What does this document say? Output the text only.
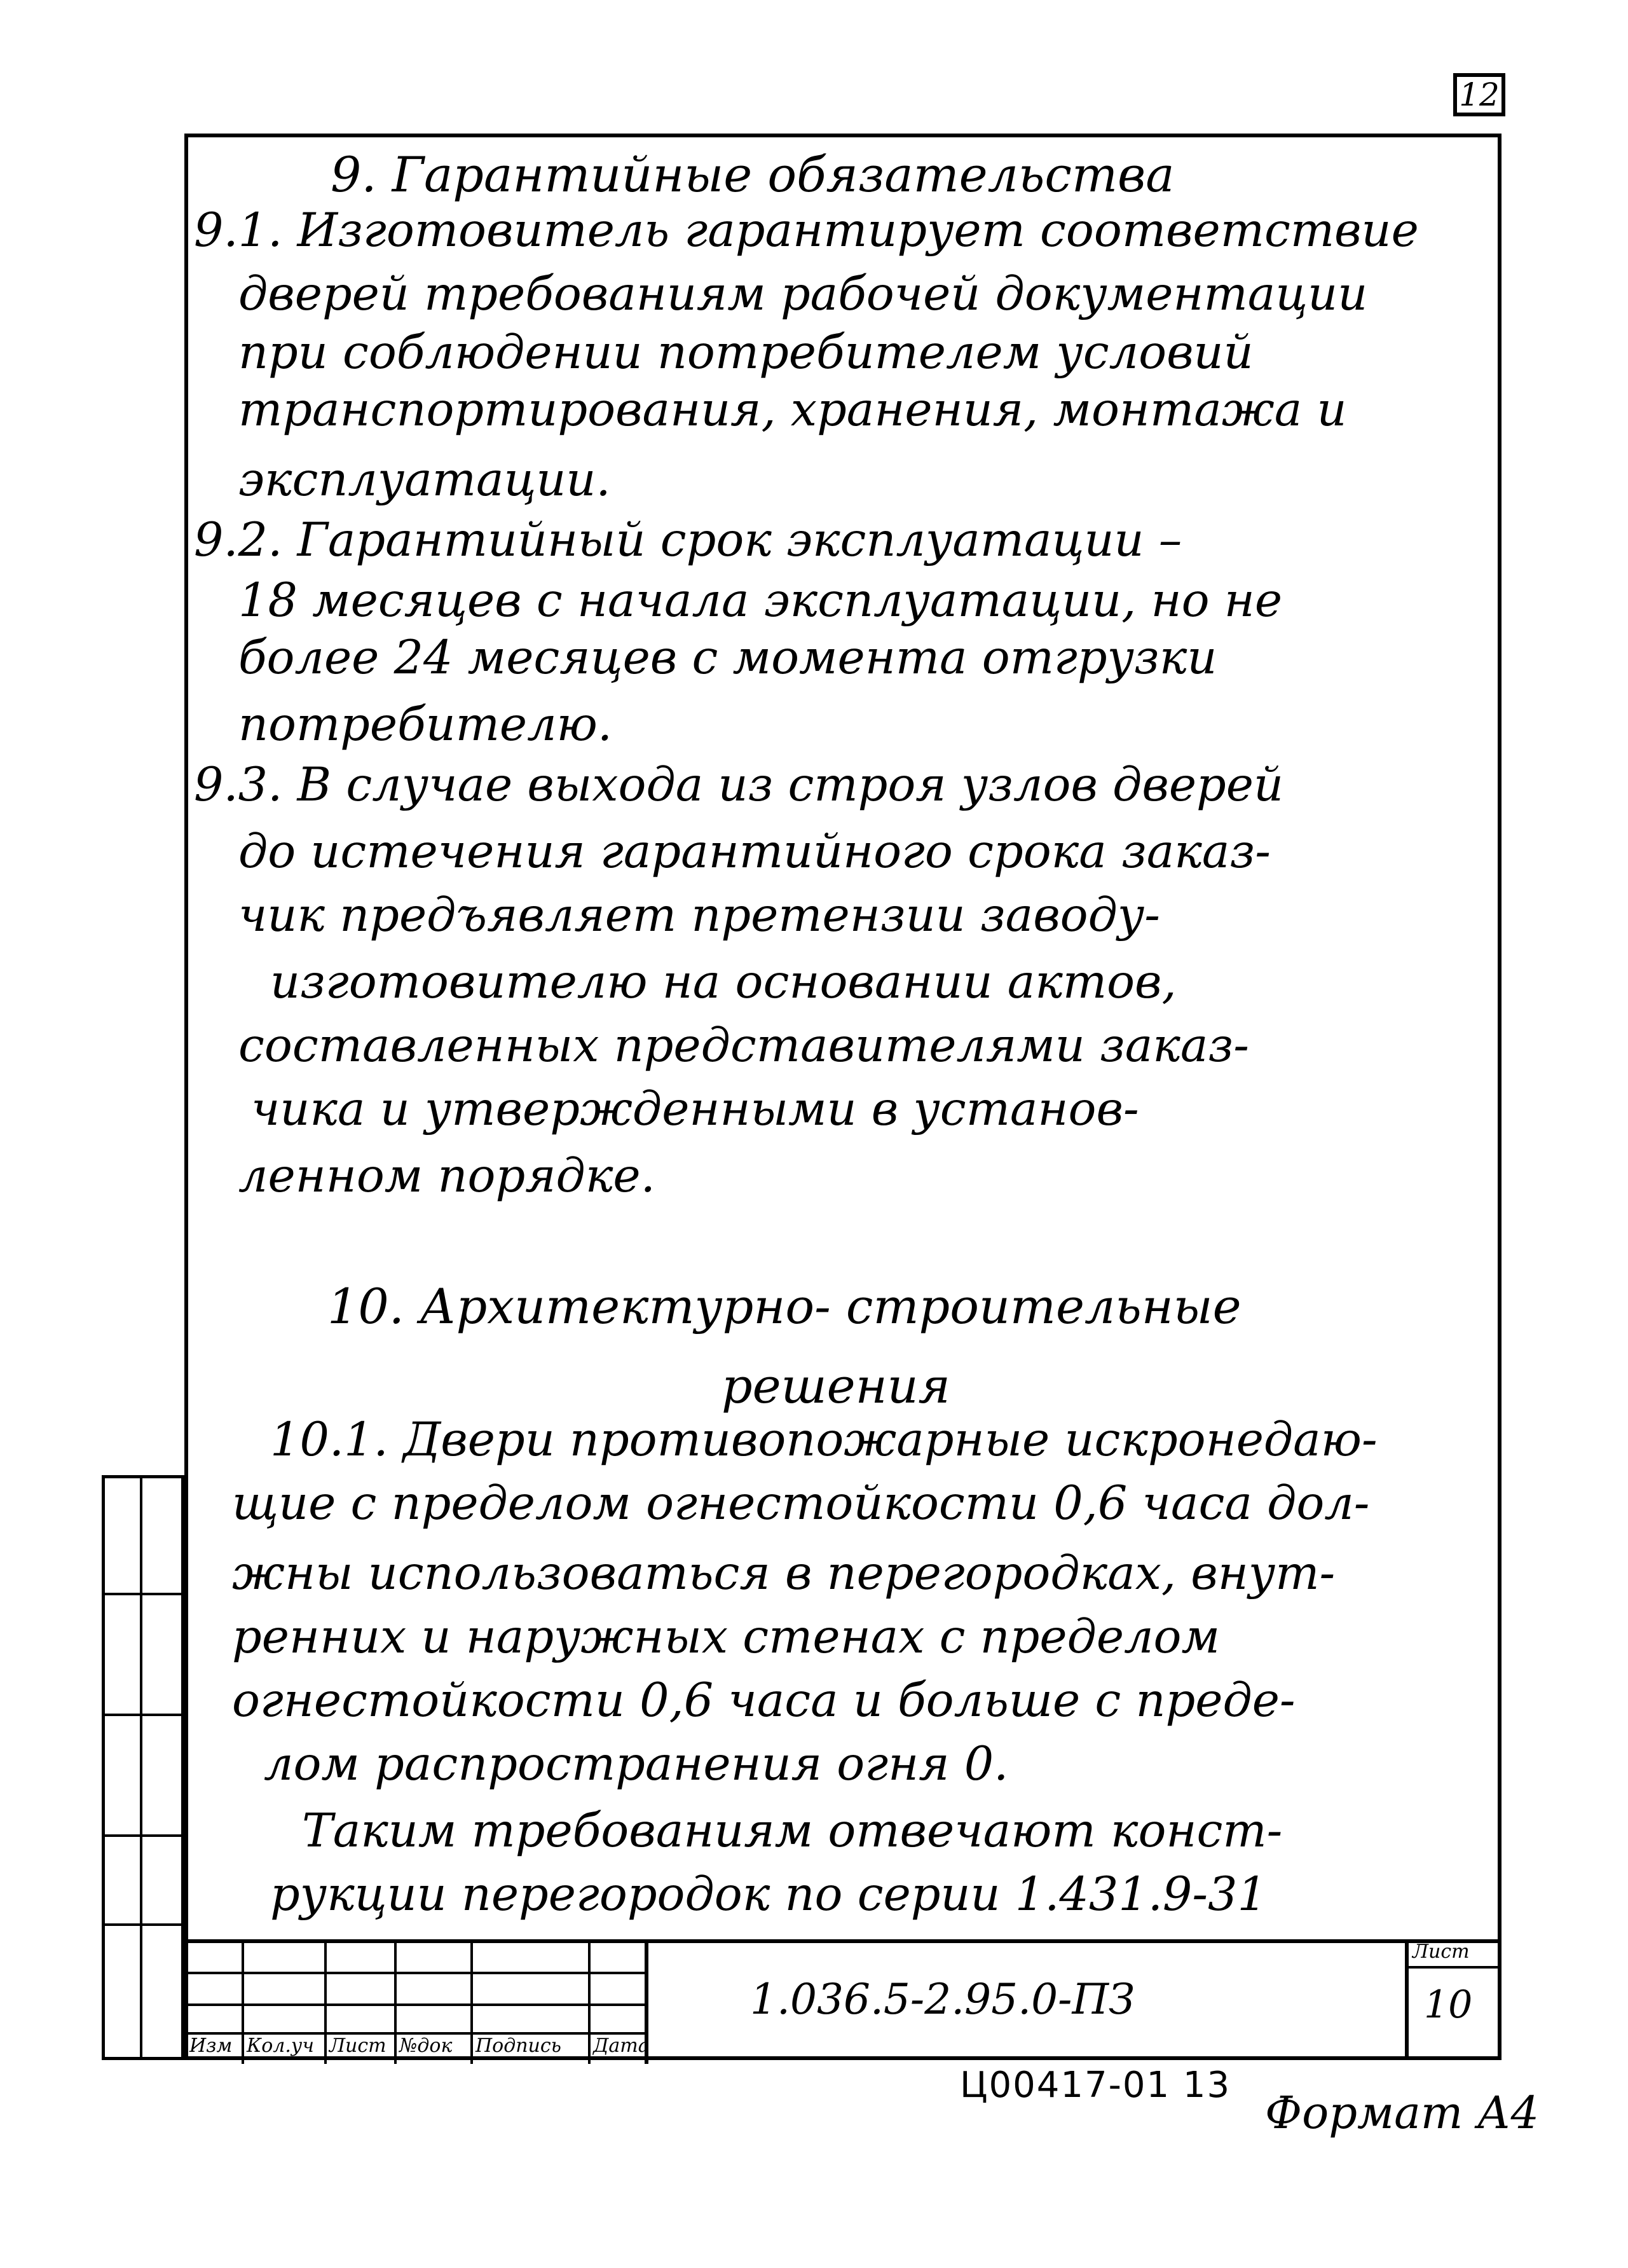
12
9. Гарантийные обязательства
9.1. Изготовитель гарантирует соответствие
дверей требованиям рабочей документации
при соблюдении потребителем условий
транспортирования, хранения, монтажа и
эксплуатации.
9.2. Гарантийный срок эксплуатации –
18 месяцев с начала эксплуатации, но не
более 24 месяцев с момента отгрузки
потребителю.
9.3. В случае выхода из строя узлов дверей
до истечения гарантийного срока заказ-
чик предъявляет претензии заводу-
изготовителю на основании актов,
составленных представителями заказ-
чика и утвержденными в установ-
ленном порядке.
10. Архитектурно- строительные
решения
10.1. Двери противопожарные искронедаю-
щие с пределом огнестойкости 0,6 часа дол-
жны использоваться в перегородках, внут-
ренних и наружных стенах с пределом
огнестойкости 0,6 часа и больше с преде-
лом распространения огня 0.
Таким требованиям отвечают конст-
рукции перегородок по серии 1.431.9-31
Изм Кол.уч Лист №док Подпись Дата
1.036.5-2.95.0-ПЗ
Лист
10
Ц00417-01 13
Формат А4
